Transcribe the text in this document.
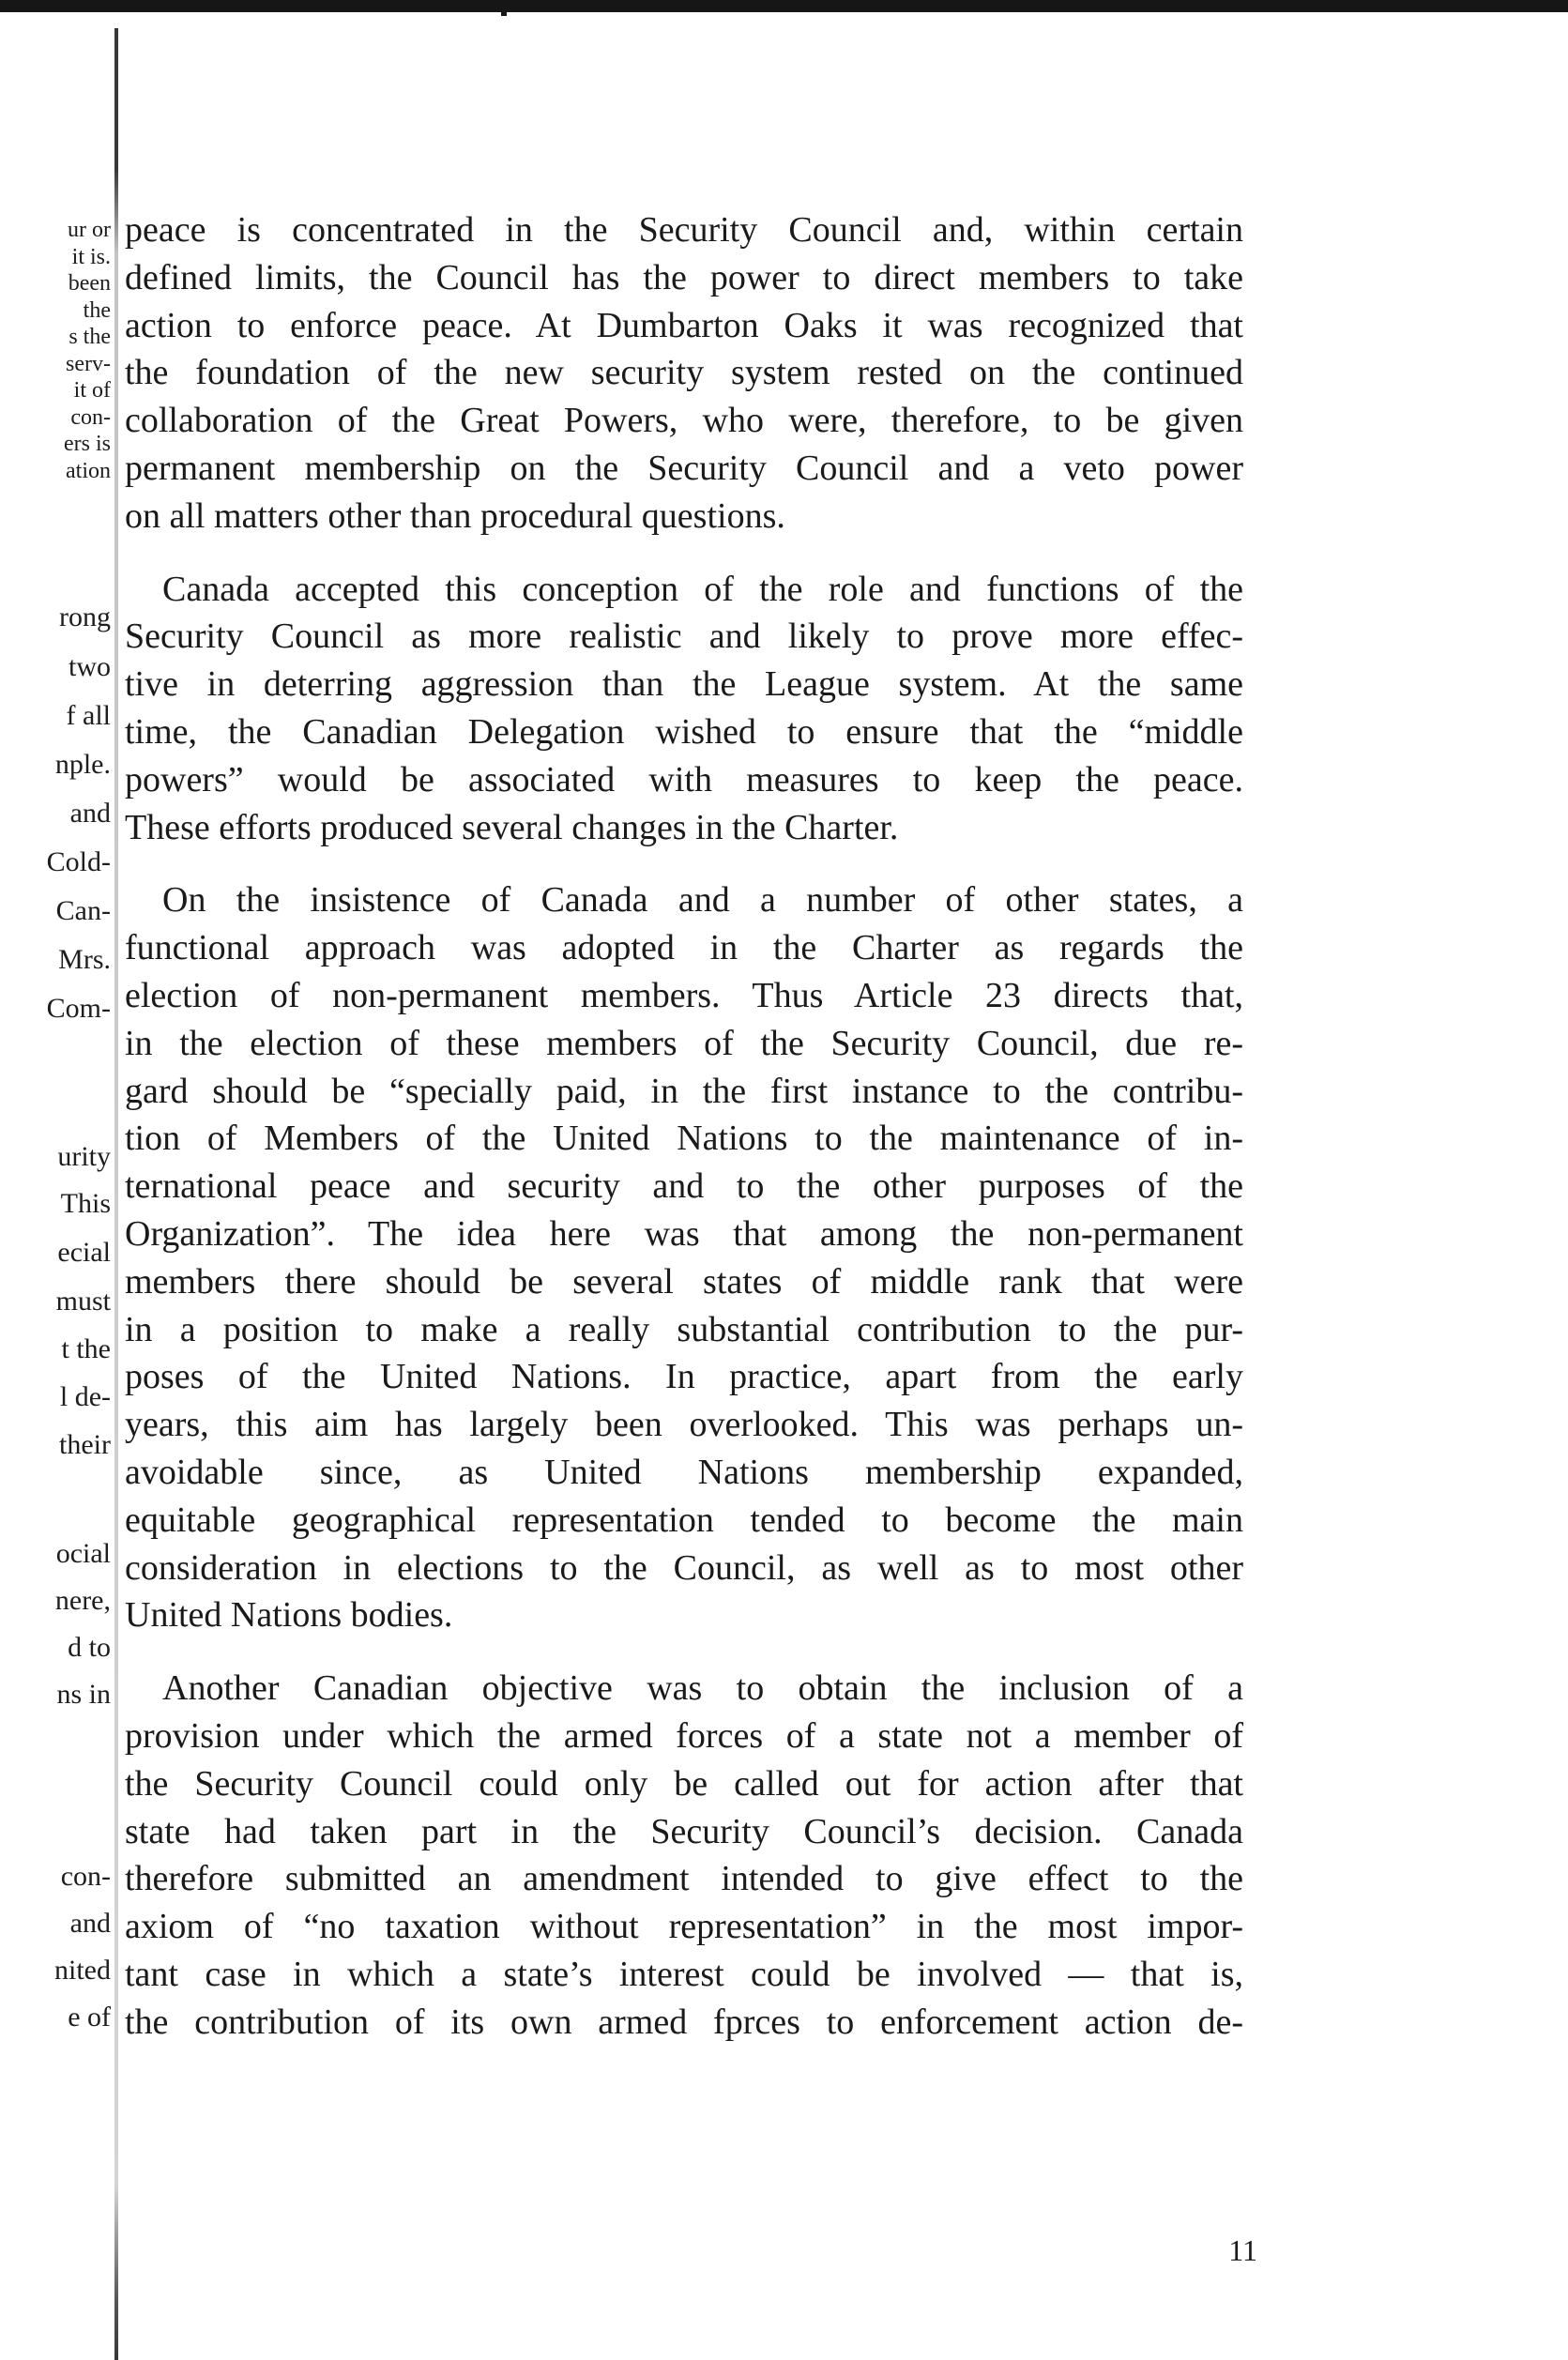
ur or
it is.
been
the
s the
serv-
it of
con-
ers is
ation
rong
two
f all
nple.
and
Cold-
Can-
Mrs.
Com-
urity
This
ecial
must
t the
l de-
their
ocial
nere,
d to
ns in
con-
and
nited
e of

peace is concentrated in the Security Council and, within certain
defined limits, the Council has the power to direct members to take
action to enforce peace. At Dumbarton Oaks it was recognized that
the foundation of the new security system rested on the continued
collaboration of the Great Powers, who were, therefore, to be given
permanent membership on the Security Council and a veto power
on all matters other than procedural questions.

Canada accepted this conception of the role and functions of the
Security Council as more realistic and likely to prove more effec-
tive in deterring aggression than the League system. At the same
time, the Canadian Delegation wished to ensure that the “middle
powers” would be associated with measures to keep the peace.
These efforts produced several changes in the Charter.

On the insistence of Canada and a number of other states, a
functional approach was adopted in the Charter as regards the
election of non-permanent members. Thus Article 23 directs that,
in the election of these members of the Security Council, due re-
gard should be “specially paid, in the first instance to the contribu-
tion of Members of the United Nations to the maintenance of in-
ternational peace and security and to the other purposes of the
Organization”. The idea here was that among the non-permanent
members there should be several states of middle rank that were
in a position to make a really substantial contribution to the pur-
poses of the United Nations. In practice, apart from the early
years, this aim has largely been overlooked. This was perhaps un-
avoidable since, as United Nations membership expanded,
equitable geographical representation tended to become the main
consideration in elections to the Council, as well as to most other
United Nations bodies.

Another Canadian objective was to obtain the inclusion of a
provision under which the armed forces of a state not a member of
the Security Council could only be called out for action after that
state had taken part in the Security Council’s decision. Canada
therefore submitted an amendment intended to give effect to the
axiom of “no taxation without representation” in the most impor-
tant case in which a state’s interest could be involved — that is,
the contribution of its own armed fprces to enforcement action de-

11
